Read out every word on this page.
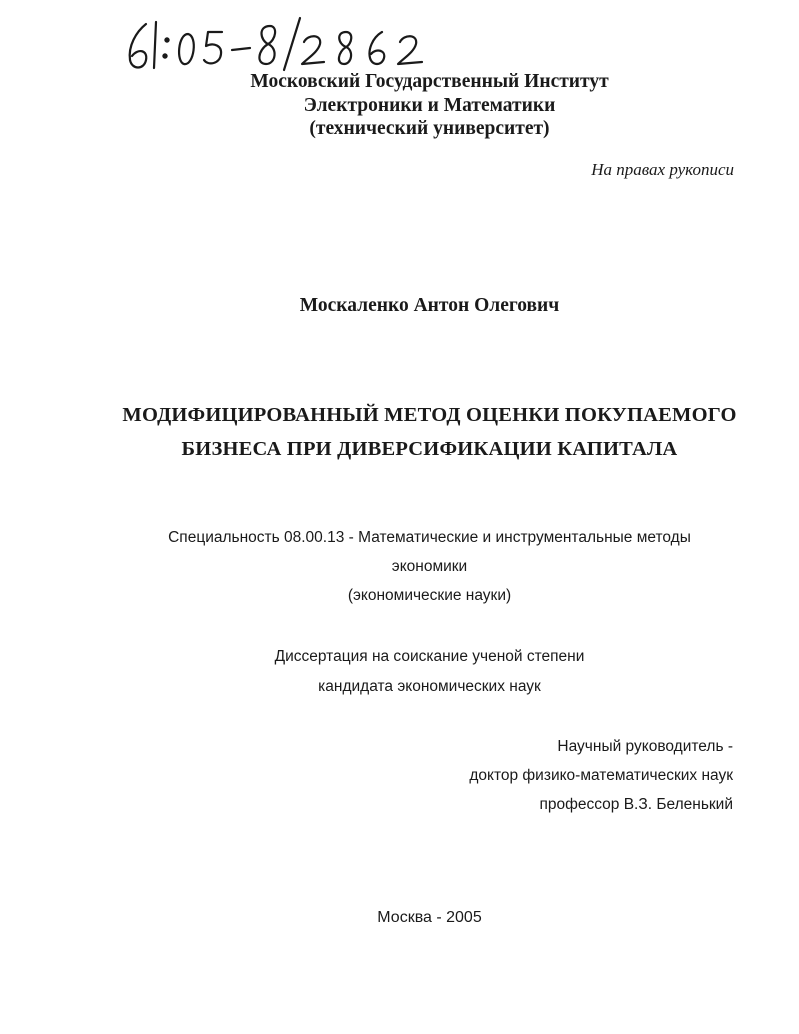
Московский Государственный Институт
Электроники и Математики
(технический университет)
На правах рукописи
Москаленко Антон Олегович
МОДИФИЦИРОВАННЫЙ МЕТОД ОЦЕНКИ ПОКУПАЕМОГО
БИЗНЕСА ПРИ ДИВЕРСИФИКАЦИИ КАПИТАЛА
Специальность 08.00.13 - Математические и инструментальные методы
экономики
(экономические науки)
Диссертация на соискание ученой степени
кандидата экономических наук
Научный руководитель -
доктор физико-математических наук
профессор В.З. Беленький
Москва - 2005
